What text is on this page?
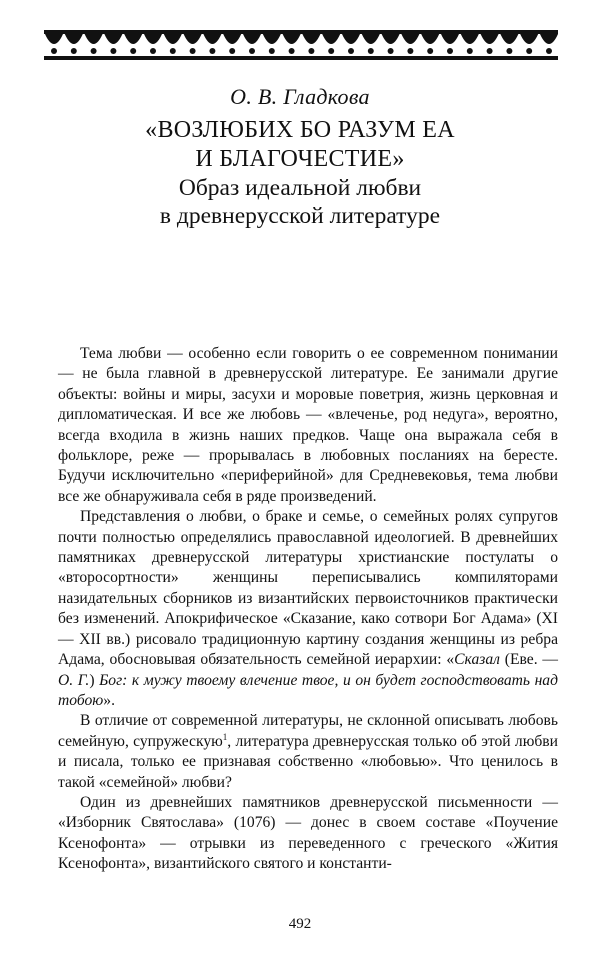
О. В. Гладкова

«ВОЗЛЮБИХ БО РАЗУМ ЕА
И БЛАГОЧЕСТИЕ»
Образ идеальной любви
в древнерусской литературе

Тема любви — особенно если говорить о ее современном понимании — не была главной в древнерусской литературе. Ее занимали другие объекты: войны и миры, засухи и моровые поветрия, жизнь церковная и дипломатическая. И все же любовь — «влеченье, род недуга», вероятно, всегда входила в жизнь наших предков. Чаще она выражала себя в фольклоре, реже — прорывалась в любовных посланиях на бересте. Будучи исключительно «периферийной» для Средневековья, тема любви все же обнаруживала себя в ряде произведений.

Представления о любви, о браке и семье, о семейных ролях супругов почти полностью определялись православной идеологией. В древнейших памятниках древнерусской литературы христианские постулаты о «второсортности» женщины переписывались компиляторами назидательных сборников из византийских первоисточников практически без изменений. Апокрифическое «Сказание, како сотвори Бог Адама» (XI — XII вв.) рисовало традиционную картину создания женщины из ребра Адама, обосновывая обязательность семейной иерархии: «Сказал (Еве. — О. Г.) Бог: к мужу твоему влечение твое, и он будет господствовать над тобою».

В отличие от современной литературы, не склонной описывать любовь семейную, супружескую$^1$, литература древнерусская только об этой любви и писала, только ее признавая собственно «любовью». Что ценилось в такой «семейной» любви?

Один из древнейших памятников древнерусской письменности — «Изборник Святослава» (1076) — донес в своем составе «Поучение Ксенофонта» — отрывки из переведенного с греческого «Жития Ксенофонта», византийского святого и константи-

492
